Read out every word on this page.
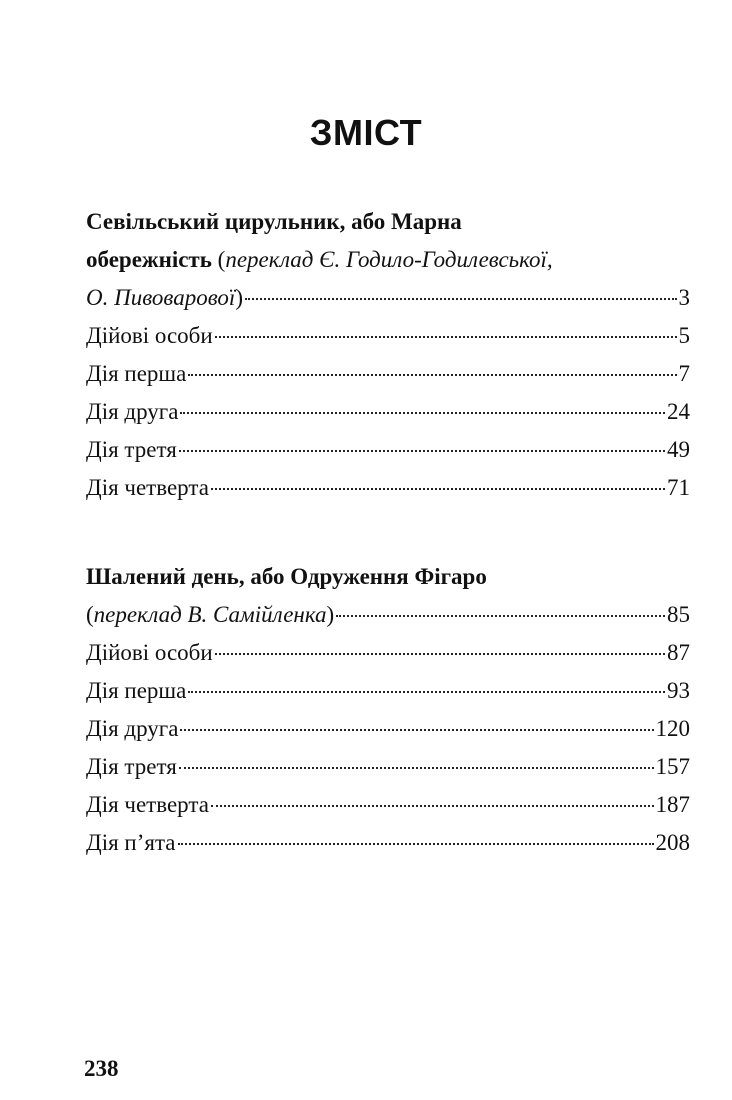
ЗМІСТ
Севільський цирульник, або Марна
обережність (переклад Є. Годило-Годилевської,
О. Пивоварової)	3
Дійові особи	5
Дія перша	7
Дія друга	24
Дія третя	49
Дія четверта	71
Шалений день, або Одруження Фігаро
(переклад В. Самійленка)	85
Дійові особи	87
Дія перша	93
Дія друга	120
Дія третя	157
Дія четверта	187
Дія п’ята	208
238
